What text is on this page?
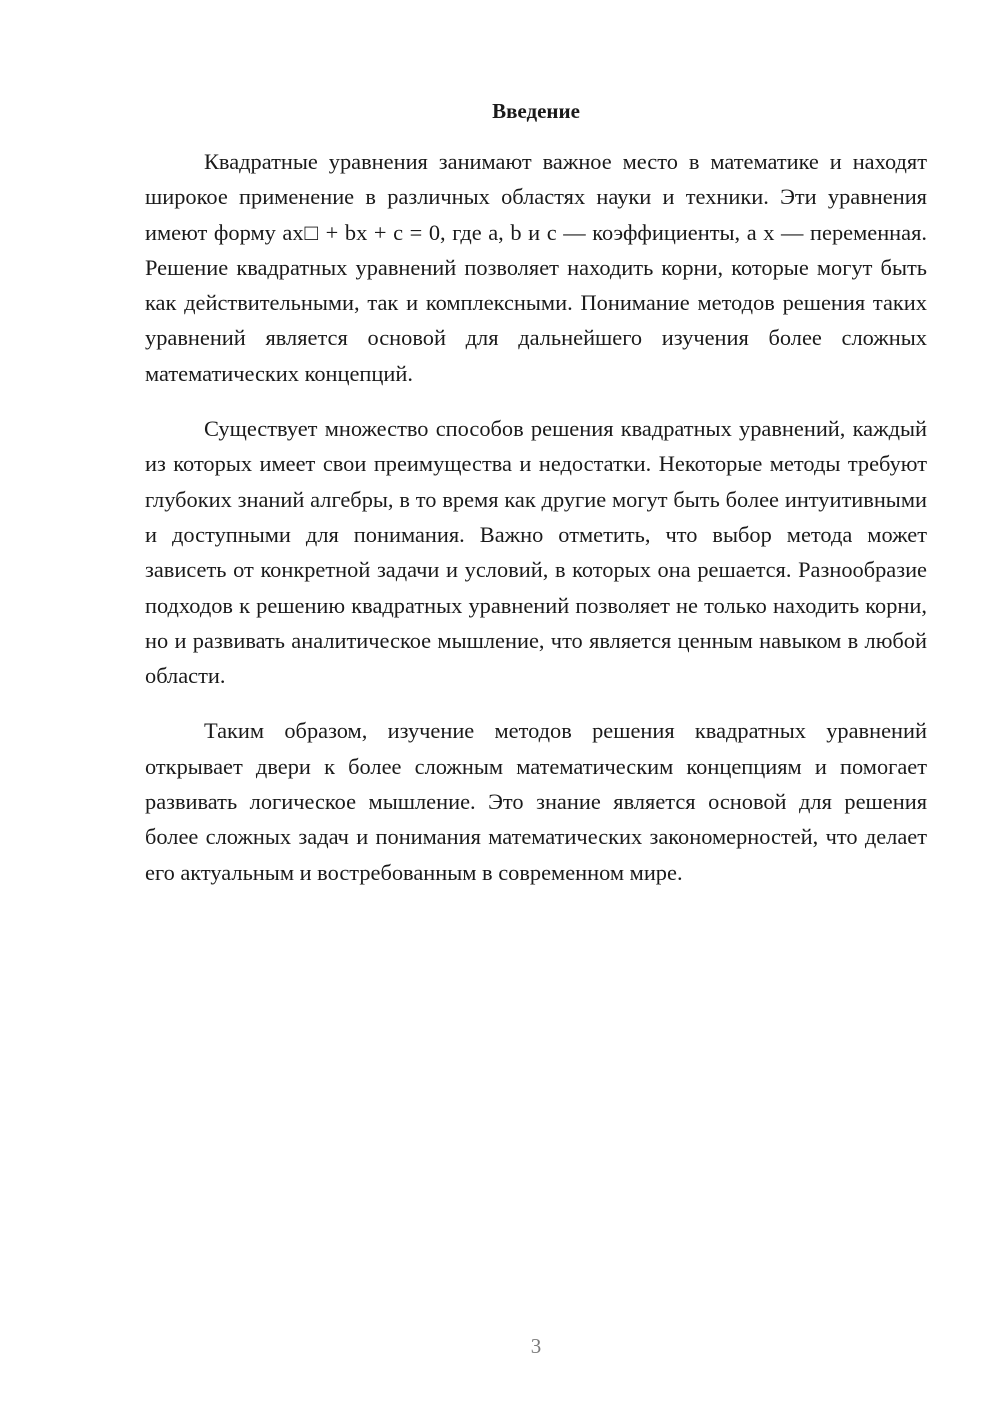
Введение

Квадратные уравнения занимают важное место в математике и находят широкое применение в различных областях науки и техники. Эти уравнения имеют форму ax□ + bx + c = 0, где a, b и c — коэффициенты, а x — переменная. Решение квадратных уравнений позволяет находить корни, которые могут быть как действительными, так и комплексными. Понимание методов решения таких уравнений является основой для дальнейшего изучения более сложных математических концепций.

Существует множество способов решения квадратных уравнений, каждый из которых имеет свои преимущества и недостатки. Некоторые методы требуют глубоких знаний алгебры, в то время как другие могут быть более интуитивными и доступными для понимания. Важно отметить, что выбор метода может зависеть от конкретной задачи и условий, в которых она решается. Разнообразие подходов к решению квадратных уравнений позволяет не только находить корни, но и развивать аналитическое мышление, что является ценным навыком в любой области.

Таким образом, изучение методов решения квадратных уравнений открывает двери к более сложным математическим концепциям и помогает развивать логическое мышление. Это знание является основой для решения более сложных задач и понимания математических закономерностей, что делает его актуальным и востребованным в современном мире.

3
